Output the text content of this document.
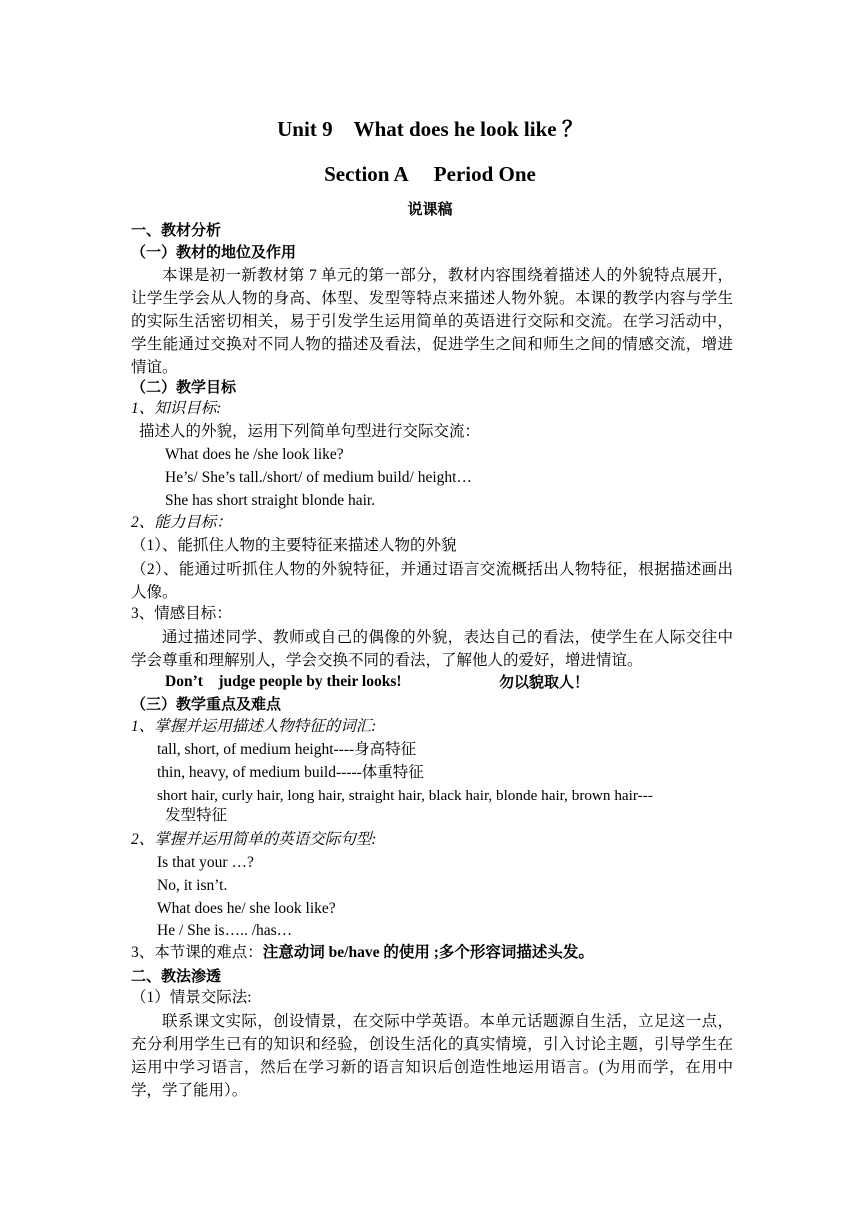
Unit 9　What does he look like ？
Section A　 Period One
说课稿
一、教材分析
（一）教材的地位及作用
本课是初一新教材第 7 单元的第一部分，教材内容围绕着描述人的外貌特点展开，让学生学会从人物的身高、体型、发型等特点来描述人物外貌。本课的教学内容与学生的实际生活密切相关，易于引发学生运用简单的英语进行交际和交流。在学习活动中，学生能通过交换对不同人物的描述及看法，促进学生之间和师生之间的情感交流，增进情谊。
（二）教学目标
1、知识目标:
描述人的外貌，运用下列简单句型进行交际交流：
What does he /she look like?
He’s/ She’s tall./short/ of medium build/ height…
She has short straight blonde hair.
2、能力目标：
（1）、能抓住人物的主要特征来描述人物的外貌
（2）、能通过听抓住人物的外貌特征，并通过语言交流概括出人物特征，根据描述画出人像。
3、情感目标：
通过描述同学、教师或自己的偶像的外貌，表达自己的看法，使学生在人际交往中学会尊重和理解别人，学会交换不同的看法，了解他人的爱好，增进情谊。
Don’t　judge people by their looks!	勿以貌取人！
（三）教学重点及难点
1、掌握并运用描述人物特征的词汇:
tall, short, of medium height----身高特征
thin, heavy, of medium build-----体重特征
short hair, curly hair, long hair, straight hair, black hair, blonde hair, brown hair---
发型特征
2、掌握并运用简单的英语交际句型:
Is that your …?
No, it isn’t.
What does he/ she look like?
He / She is….. /has…
3、本节课的难点：注意动词 be/have 的使用 ;多个形容词描述头发。
二、教法渗透
（1）情景交际法:
联系课文实际，创设情景，在交际中学英语。本单元话题源自生活，立足这一点，充分利用学生已有的知识和经验，创设生活化的真实情境，引入讨论主题，引导学生在运用中学习语言，然后在学习新的语言知识后创造性地运用语言。(为用而学，在用中学，学了能用）。
